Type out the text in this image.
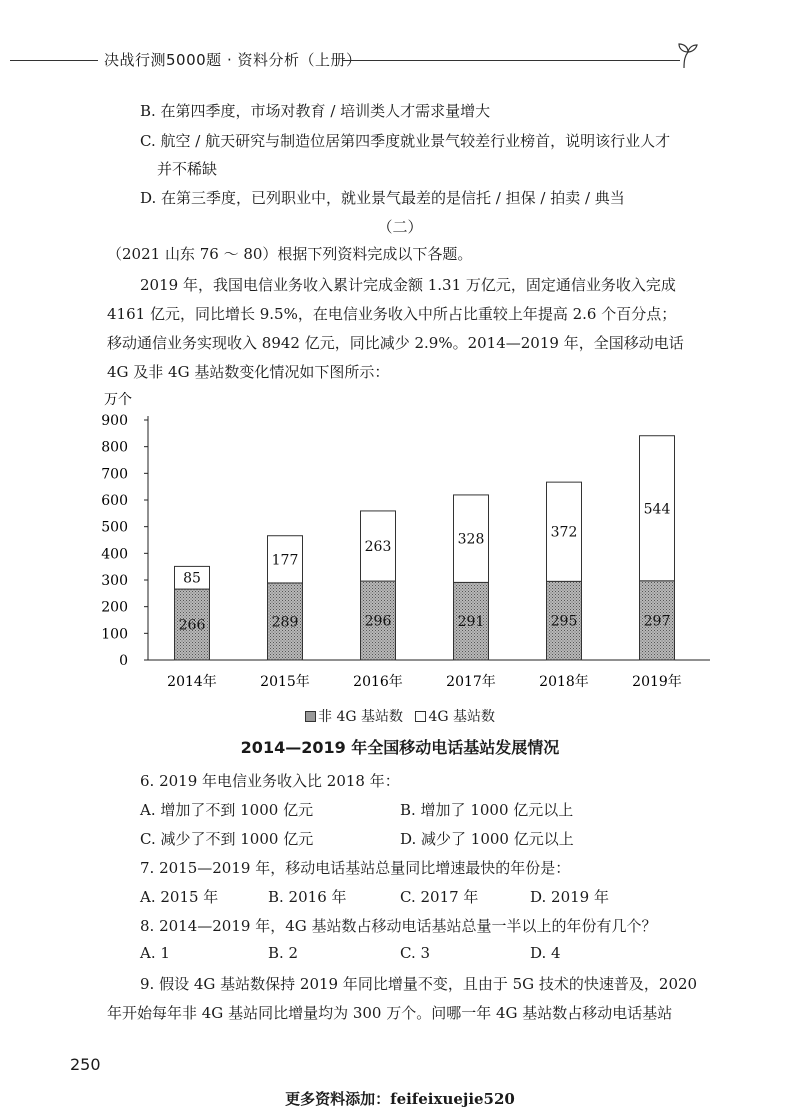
决战行测5000题 · 资料分析（上册）
B. 在第四季度，市场对教育 / 培训类人才需求量增大
C. 航空 / 航天研究与制造位居第四季度就业景气较差行业榜首，说明该行业人才
并不稀缺
D. 在第三季度，已列职业中，就业景气最差的是信托 / 担保 / 拍卖 / 典当
（二）
（2021 山东 76 ～ 80）根据下列资料完成以下各题。
2019 年，我国电信业务收入累计完成金额 1.31 万亿元，固定通信业务收入完成
4161 亿元，同比增长 9.5%，在电信业务收入中所占比重较上年提高 2.6 个百分点；
移动通信业务实现收入 8942 亿元，同比减少 2.9%。2014—2019 年，全国移动电话
4G 及非 4G 基站数变化情况如下图所示：
万个
0
100
200
300
400
500
600
700
800
900
266
85
289
177
296
263
291
328
295
372
297
544
2014年	2015年	2016年	2017年	2018年	2019年
非 4G 基站数 4G 基站数
2014—2019 年全国移动电话基站发展情况
6. 2019 年电信业务收入比 2018 年：
A. 增加了不到 1000 亿元	B. 增加了 1000 亿元以上
C. 减少了不到 1000 亿元	D. 减少了 1000 亿元以上
7. 2015—2019 年，移动电话基站总量同比增速最快的年份是：
A. 2015 年	B. 2016 年	C. 2017 年	D. 2019 年
8. 2014—2019 年，4G 基站数占移动电话基站总量一半以上的年份有几个？
A. 1	B. 2	C. 3	D. 4
9. 假设 4G 基站数保持 2019 年同比增量不变，且由于 5G 技术的快速普及，2020
年开始每年非 4G 基站同比增量均为 300 万个。问哪一年 4G 基站数占移动电话基站
250
更多资料添加：feifeixuejie520
